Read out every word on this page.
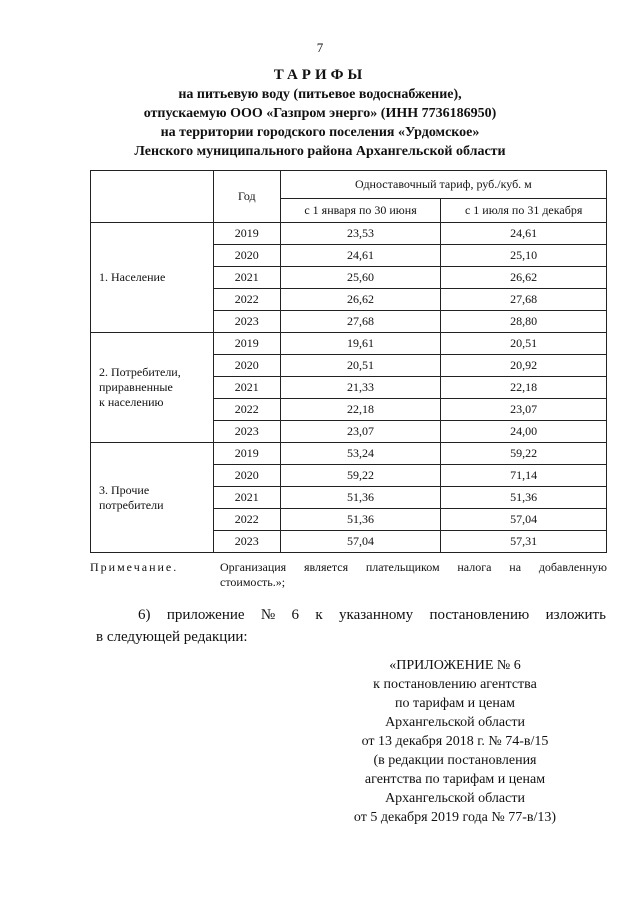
7
ТАРИФЫ
на питьевую воду (питьевое водоснабжение),
отпускаемую ООО «Газпром энерго» (ИНН 7736186950)
на территории городского поселения «Урдомское»
Ленского муниципального района Архангельской области
	Год	Одноставочный тариф, руб./куб. м	
		с 1 января по 30 июня	с 1 июля по 31 декабря

1. Население	2019	23,53	24,61
	2020	24,61	25,10
	2021	25,60	26,62
	2022	26,62	27,68
	2023	27,68	28,80

2. Потребители,
приравненные
к населению	2019	19,61	20,51
	2020	20,51	20,92
	2021	21,33	22,18
	2022	22,18	23,07
	2023	23,07	24,00

3. Прочие
потребители	2019	53,24	59,22
	2020	59,22	71,14
	2021	51,36	51,36
	2022	51,36	57,04
	2023	57,04	57,31
Примечание.	Организация является плательщиком налога на добавленную
стоимость.»;
6) приложение № 6 к указанному постановлению изложить
в следующей редакции:
«ПРИЛОЖЕНИЕ № 6
к постановлению агентства
по тарифам и ценам
Архангельской области
от 13 декабря 2018 г. № 74-в/15
(в редакции постановления
агентства по тарифам и ценам
Архангельской области
от 5 декабря 2019 года № 77-в/13)
